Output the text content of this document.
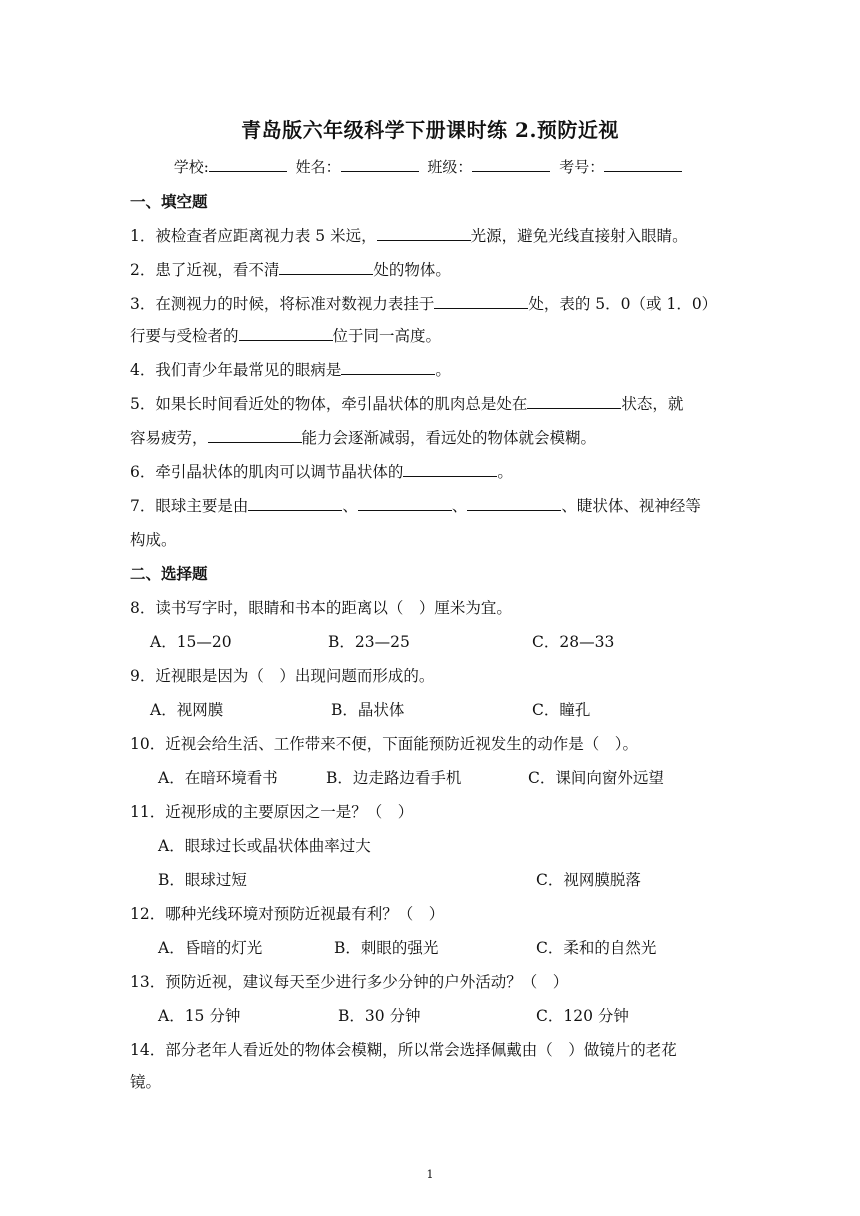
青岛版六年级科学下册课时练 2.预防近视
学校:	姓名：	班级：	考号：
一、填空题
1．被检查者应距离视力表 5 米远，	光源，避免光线直接射入眼睛。
2．患了近视，看不清	处的物体。
3．在测视力的时候，将标准对数视力表挂于	处，表的 5．0（或 1．0）
行要与受检者的	位于同一高度。
4．我们青少年最常见的眼病是	。
5．如果长时间看近处的物体，牵引晶状体的肌肉总是处在	状态，就
容易疲劳，	能力会逐渐减弱，看远处的物体就会模糊。
6．牵引晶状体的肌肉可以调节晶状体的	。
7．眼球主要是由	、	、	、睫状体、视神经等
构成。
二、选择题
8．读书写字时，眼睛和书本的距离以（　）厘米为宜。
A．15—20	B．23—25	C．28—33
9．近视眼是因为（　）出现问题而形成的。
A．视网膜	B．晶状体	C．瞳孔
10．近视会给生活、工作带来不便，下面能预防近视发生的动作是（　）。
A．在暗环境看书	B．边走路边看手机	C．课间向窗外远望
11．近视形成的主要原因之一是？（　）
A．眼球过长或晶状体曲率过大
B．眼球过短	C．视网膜脱落
12．哪种光线环境对预防近视最有利？（　）
A．昏暗的灯光	B．刺眼的强光	C．柔和的自然光
13．预防近视，建议每天至少进行多少分钟的户外活动？（　）
A．15 分钟	B．30 分钟	C．120 分钟
14．部分老年人看近处的物体会模糊，所以常会选择佩戴由（　）做镜片的老花
镜。
1
